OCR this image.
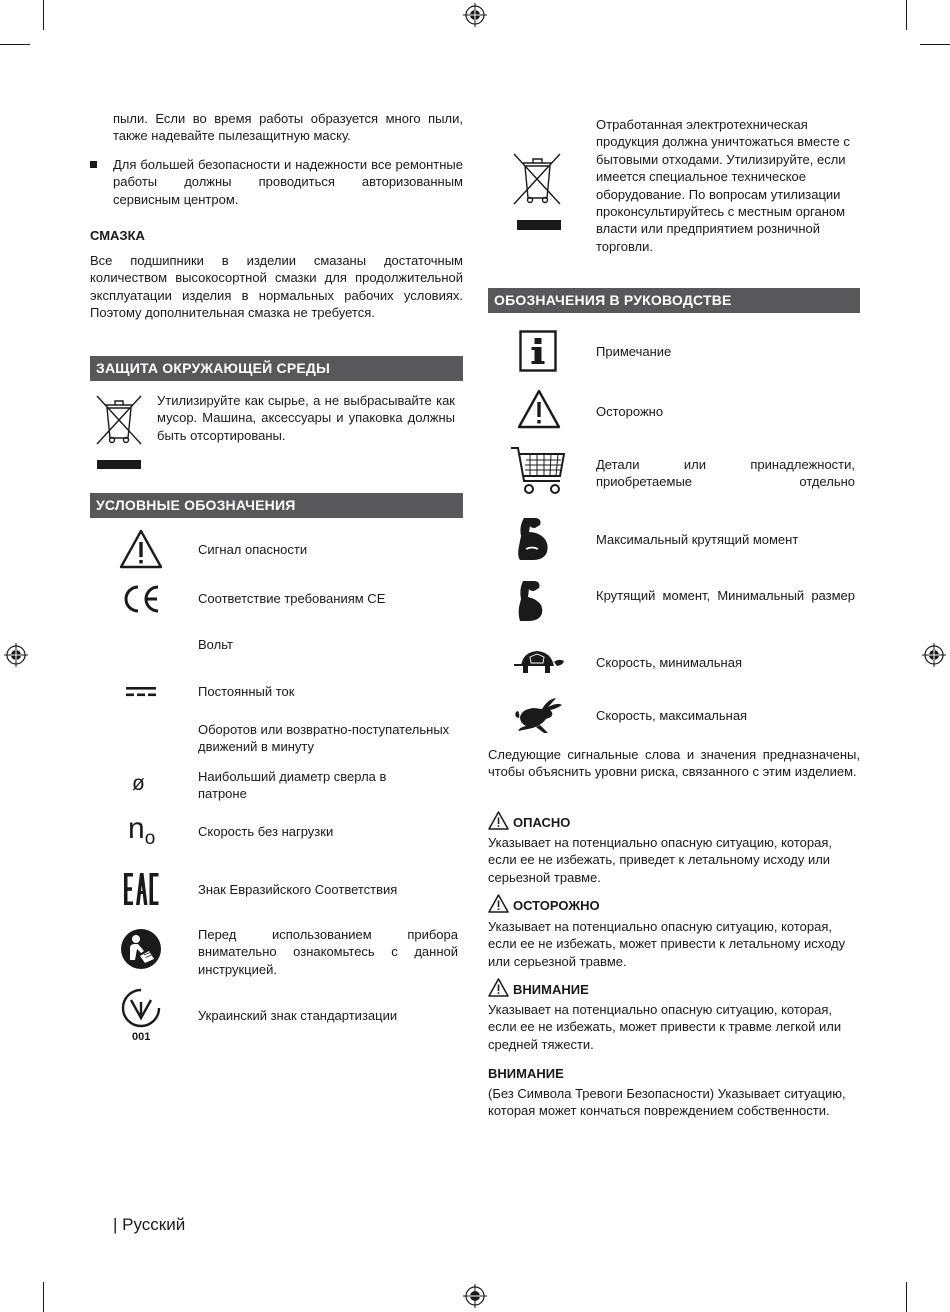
пыли. Если во время работы образуется много пыли, также надевайте пылезащитную маску.
Для большей безопасности и надежности все ремонтные работы должны проводиться авторизованным сервисным центром.
СМАЗКА
Все подшипники в изделии смазаны достаточным количеством высокосортной смазки для продолжительной эксплуатации изделия в нормальных рабочих условиях. Поэтому дополнительная смазка не требуется.
ЗАЩИТА ОКРУЖАЮЩЕЙ СРЕДЫ
Утилизируйте как сырье, а не выбрасывайте как мусор. Машина, аксессуары и упаковка должны быть отсортированы.
УСЛОВНЫЕ ОБОЗНАЧЕНИЯ
Сигнал опасности
Соответствие требованиям CE
Вольт
Постоянный ток
Оборотов или возвратно-поступательных движений в минуту
ø	Наибольший диаметр сверла в патроне
$n_o$	Скорость без нагрузки
Знак Евразийского Соответствия
Перед использованием прибора внимательно ознакомьтесь с данной инструкцией.
001
Украинский знак стандартизации
Отработанная электротехническая продукция должна уничтожаться вместе с бытовыми отходами. Утилизируйте, если имеется специальное техническое оборудование. По вопросам утилизации проконсультируйтесь с местным органом власти или предприятием розничной торговли.
ОБОЗНАЧЕНИЯ В РУКОВОДСТВЕ
Примечание
Осторожно
Детали или принадлежности, приобретаемые отдельно
Максимальный крутящий момент
Крутящий момент, Минимальный размер
Скорость, минимальная
Скорость, максимальная
Следующие сигнальные слова и значения предназначены, чтобы объяснить уровни риска, связанного с этим изделием.
ОПАСНО
Указывает на потенциально опасную ситуацию, которая, если ее не избежать, приведет к летальному исходу или серьезной травме.
ОСТОРОЖНО
Указывает на потенциально опасную ситуацию, которая, если ее не избежать, может привести к летальному исходу или серьезной травме.
ВНИМАНИЕ
Указывает на потенциально опасную ситуацию, которая, если ее не избежать, может привести к травме легкой или средней тяжести.
ВНИМАНИЕ
(Без Символа Тревоги Безопасности) Указывает ситуацию, которая может кончаться повреждением собственности.
| Русский
